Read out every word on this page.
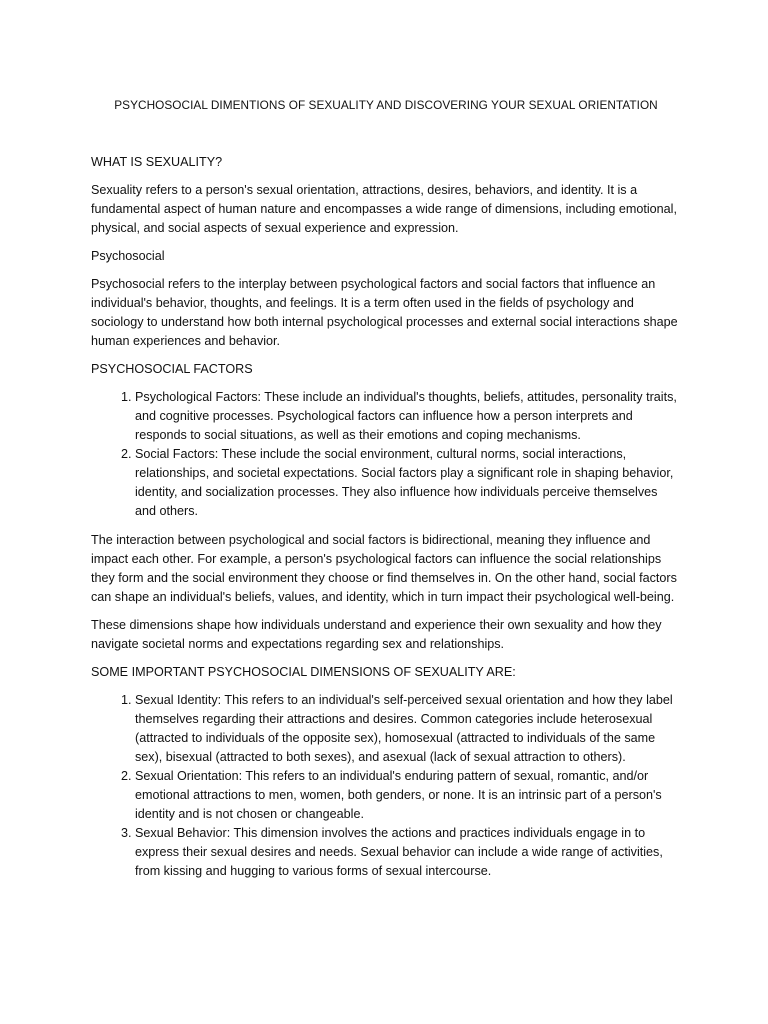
PSYCHOSOCIAL DIMENTIONS OF SEXUALITY AND DISCOVERING YOUR SEXUAL ORIENTATION
WHAT IS SEXUALITY?

Sexuality refers to a person's sexual orientation, attractions, desires, behaviors, and identity. It is a fundamental aspect of human nature and encompasses a wide range of dimensions, including emotional, physical, and social aspects of sexual experience and expression.

Psychosocial

Psychosocial refers to the interplay between psychological factors and social factors that influence an individual's behavior, thoughts, and feelings. It is a term often used in the fields of psychology and sociology to understand how both internal psychological processes and external social interactions shape human experiences and behavior.

PSYCHOSOCIAL FACTORS
1. Psychological Factors: These include an individual's thoughts, beliefs, attitudes, personality traits, and cognitive processes. Psychological factors can influence how a person interprets and responds to social situations, as well as their emotions and coping mechanisms.
2. Social Factors: These include the social environment, cultural norms, social interactions, relationships, and societal expectations. Social factors play a significant role in shaping behavior, identity, and socialization processes. They also influence how individuals perceive themselves and others.

The interaction between psychological and social factors is bidirectional, meaning they influence and impact each other. For example, a person's psychological factors can influence the social relationships they form and the social environment they choose or find themselves in. On the other hand, social factors can shape an individual's beliefs, values, and identity, which in turn impact their psychological well-being.

These dimensions shape how individuals understand and experience their own sexuality and how they navigate societal norms and expectations regarding sex and relationships.

SOME IMPORTANT PSYCHOSOCIAL DIMENSIONS OF SEXUALITY ARE:
1. Sexual Identity: This refers to an individual's self-perceived sexual orientation and how they label themselves regarding their attractions and desires. Common categories include heterosexual (attracted to individuals of the opposite sex), homosexual (attracted to individuals of the same sex), bisexual (attracted to both sexes), and asexual (lack of sexual attraction to others).
2. Sexual Orientation: This refers to an individual's enduring pattern of sexual, romantic, and/or emotional attractions to men, women, both genders, or none. It is an intrinsic part of a person's identity and is not chosen or changeable.
3. Sexual Behavior: This dimension involves the actions and practices individuals engage in to express their sexual desires and needs. Sexual behavior can include a wide range of activities, from kissing and hugging to various forms of sexual intercourse.
